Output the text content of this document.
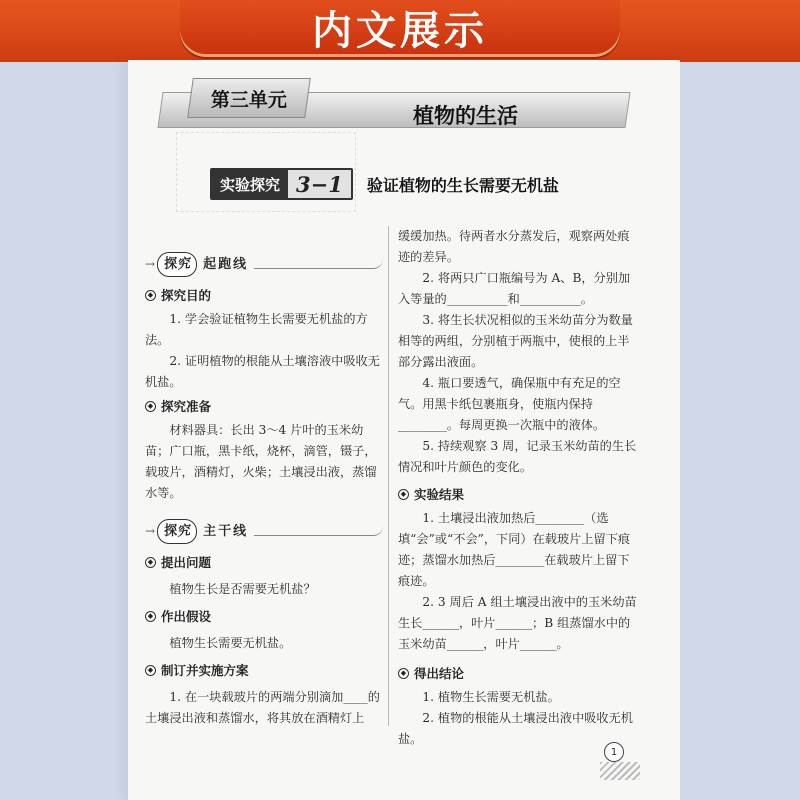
内文展示
第三单元
植物的生活
实验探究 3−1	验证植物的生长需要无机盐
→ 探 究 起跑线
◆ 探究目的

1. 学会验证植物生长需要无机盐的方法。

2. 证明植物的根能从土壤溶液中吸收无机盐。

◆ 探究准备

材料器具：长出 3～4 片叶的玉米幼苗；广口瓶，黑卡纸，烧杯，滴管，镊子，载玻片，酒精灯，火柴；土壤浸出液，蒸馏水等。

→ 探 究 主干线
◆ 提出问题

植物生长是否需要无机盐？

◆ 作出假设

植物生长需要无机盐。

◆ 制订并实施方案

1. 在一块载玻片的两端分别滴加____的土壤浸出液和蒸馏水，将其放在酒精灯上

缓缓加热。待两者水分蒸发后，观察两处痕迹的差异。

2. 将两只广口瓶编号为 A、B，分别加入等量的__________和__________。

3. 将生长状况相似的玉米幼苗分为数量相等的两组，分别植于两瓶中，使根的上半部分露出液面。

4. 瓶口要透气，确保瓶中有充足的空气。用黑卡纸包裹瓶身，使瓶内保持________。每周更换一次瓶中的液体。

5. 持续观察 3 周，记录玉米幼苗的生长情况和叶片颜色的变化。

◆ 实验结果

1. 土壤浸出液加热后________（选填“会”或“不会”，下同）在载玻片上留下痕迹；蒸馏水加热后________在载玻片上留下痕迹。

2. 3 周后 A 组土壤浸出液中的玉米幼苗生长______，叶片______；B 组蒸馏水中的玉米幼苗______，叶片______。

◆ 得出结论

1. 植物生长需要无机盐。

2. 植物的根能从土壤浸出液中吸收无机盐。

1
